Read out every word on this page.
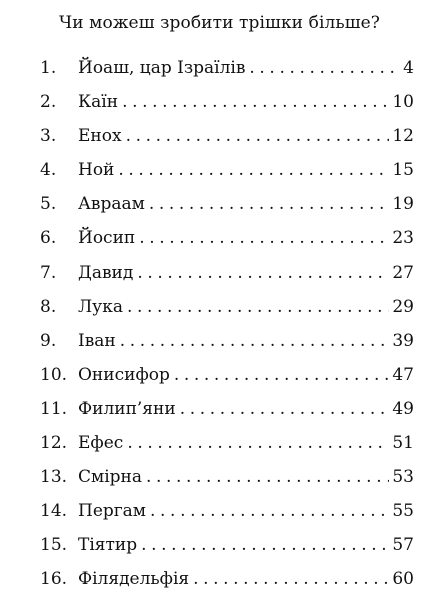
Чи можеш зробити трішки більше?
1.	Йоаш, цар Ізраїлів . . .	4
2.	Каїн . . .	10
3.	Енох . . .	12
4.	Ной . . .	15
5.	Авраам . . .	19
6.	Йосип . . .	23
7.	Давид . . .	27
8.	Лука . . .	29
9.	Іван . . .	39
10. Онисифор . . .	47
11. Филип’яни . . .	49
12. Ефес . . .	51
13. Смірна . . .	53
14. Пергам . . .	55
15. Тіятир . . .	57
16. Філядельфія . . .	60
